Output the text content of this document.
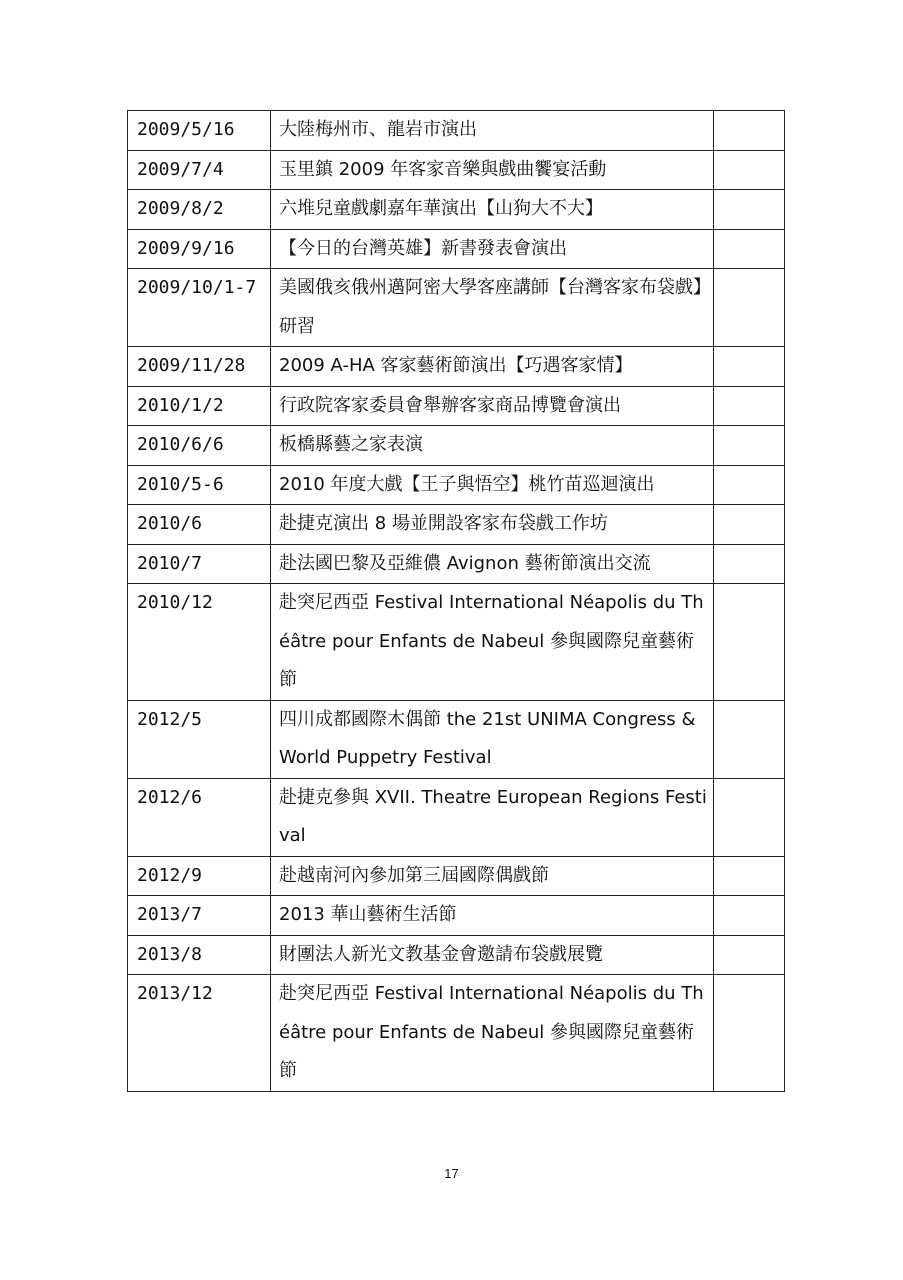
2009/5/16	大陸梅州市、龍岩市演出	
2009/7/4	玉里鎮 2009 年客家音樂與戲曲饗宴活動	
2009/8/2	六堆兒童戲劇嘉年華演出【山狗大不大】	
2009/9/16	【今日的台灣英雄】新書發表會演出	
2009/10/1-7	美國俄亥俄州邁阿密大學客座講師【台灣客家布袋戲】研習	
2009/11/28	2009 A-HA 客家藝術節演出【巧遇客家情】	
2010/1/2	行政院客家委員會舉辦客家商品博覽會演出	
2010/6/6	板橋縣藝之家表演	
2010/5-6	2010 年度大戲【王子與悟空】桃竹苗巡迴演出	
2010/6	赴捷克演出 8 場並開設客家布袋戲工作坊	
2010/7	赴法國巴黎及亞維儂 Avignon 藝術節演出交流	
2010/12	赴突尼西亞 Festival International Néapolis du Théâtre pour Enfants de Nabeul 參與國際兒童藝術節	
2012/5	四川成都國際木偶節 the 21st UNIMA Congress & World Puppetry Festival	
2012/6	赴捷克參與 XVII. Theatre European Regions Festival	
2012/9	赴越南河內參加第三屆國際偶戲節	
2013/7	2013 華山藝術生活節	
2013/8	財團法人新光文教基金會邀請布袋戲展覽	
2013/12	赴突尼西亞 Festival International Néapolis du Théâtre pour Enfants de Nabeul 參與國際兒童藝術節	
17
